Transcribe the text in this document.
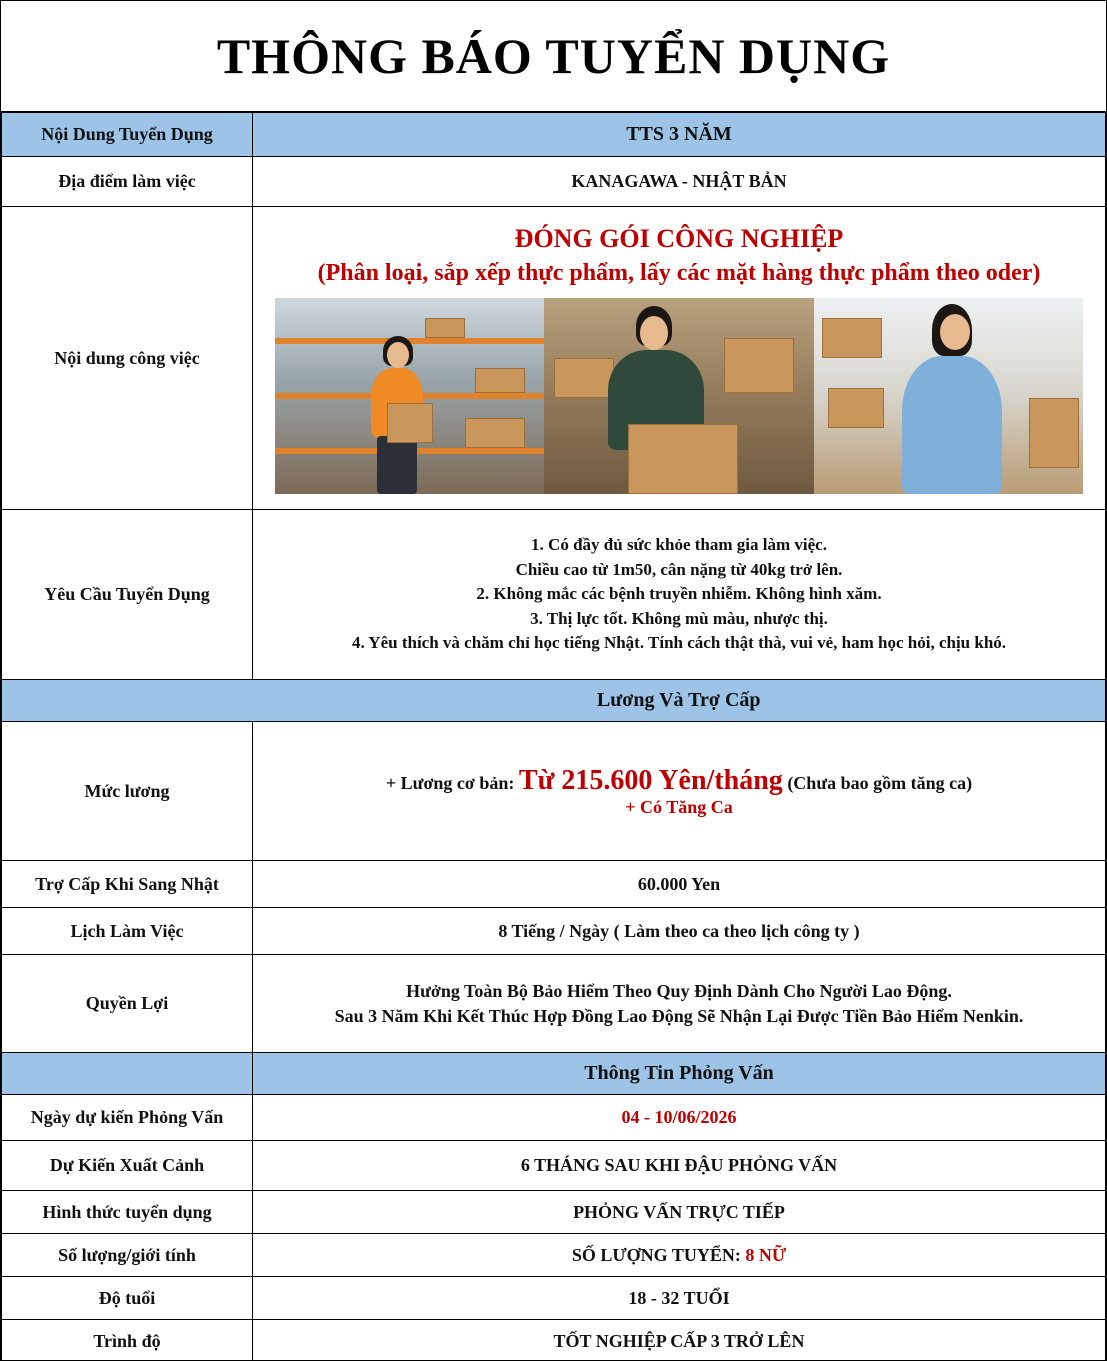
THÔNG BÁO TUYỂN DỤNG
Nội Dung Tuyển Dụng	TTS 3 NĂM
Địa điểm làm việc	KANAGAWA - NHẬT BẢN
Nội dung công việc	ĐÓNG GÓI CÔNG NGHIỆP
(Phân loại, sắp xếp thực phẩm, lấy các mặt hàng thực phẩm theo oder)

Yêu Cầu Tuyển Dụng	1. Có đầy đủ sức khỏe tham gia làm việc.
Chiều cao từ 1m50, cân nặng từ 40kg trở lên.
2. Không mắc các bệnh truyền nhiễm. Không hình xăm.
3. Thị lực tốt. Không mù màu, nhược thị.
4. Yêu thích và chăm chỉ học tiếng Nhật. Tính cách thật thà, vui vẻ, ham học hỏi, chịu khó.

	Lương Và Trợ Cấp
Mức lương	+ Lương cơ bản: Từ 215.600 Yên/tháng (Chưa bao gồm tăng ca)
+ Có Tăng Ca

Trợ Cấp Khi Sang Nhật	60.000 Yen
Lịch Làm Việc	8 Tiếng / Ngày ( Làm theo ca theo lịch công ty )
Quyền Lợi	Hưởng Toàn Bộ Bảo Hiểm Theo Quy Định Dành Cho Người Lao Động.
Sau 3 Năm Khi Kết Thúc Hợp Đồng Lao Động Sẽ Nhận Lại Được Tiền Bảo Hiểm Nenkin.

	Thông Tin Phỏng Vấn
Ngày dự kiến Phỏng Vấn	04 - 10/06/2026
Dự Kiến Xuất Cảnh	6 THÁNG SAU KHI ĐẬU PHỎNG VẤN
Hình thức tuyển dụng	PHỎNG VẤN TRỰC TIẾP
Số lượng/giới tính	SỐ LƯỢNG TUYỂN: 8 NỮ
Độ tuổi	18 - 32 TUỔI
Trình độ	TỐT NGHIỆP CẤP 3 TRỞ LÊN
